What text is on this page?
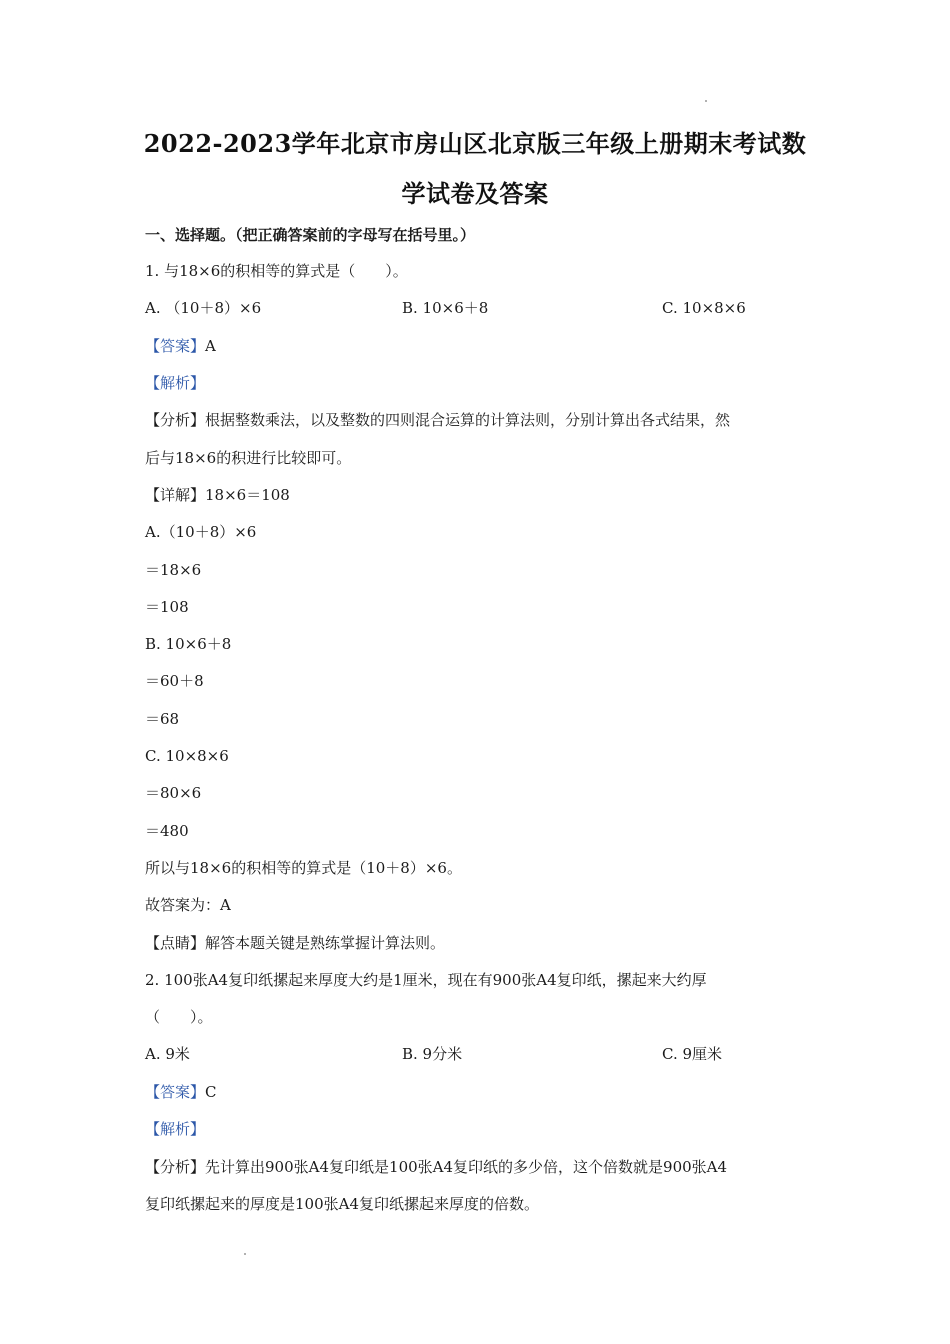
2022-2023学年北京市房山区北京版三年级上册期末考试数
学试卷及答案
一、选择题。（把正确答案前的字母写在括号里。）
1. 与18×6的积相等的算式是（　　）。
A. （10＋8）×6	B. 10×6＋8	C. 10×8×6
【答案】A
【解析】
【分析】根据整数乘法，以及整数的四则混合运算的计算法则，分别计算出各式结果，然
后与18×6的积进行比较即可。
【详解】18×6＝108
A.（10＋8）×6
＝18×6
＝108
B. 10×6＋8
＝60＋8
＝68
C. 10×8×6
＝80×6
＝480
所以与18×6的积相等的算式是（10＋8）×6。
故答案为：A
【点睛】解答本题关键是熟练掌握计算法则。
2. 100张A4复印纸摞起来厚度大约是1厘米，现在有900张A4复印纸，摞起来大约厚
（　　）。
A. 9米	B. 9分米	C. 9厘米
【答案】C
【解析】
【分析】先计算出900张A4复印纸是100张A4复印纸的多少倍，这个倍数就是900张A4
复印纸摞起来的厚度是100张A4复印纸摞起来厚度的倍数。
